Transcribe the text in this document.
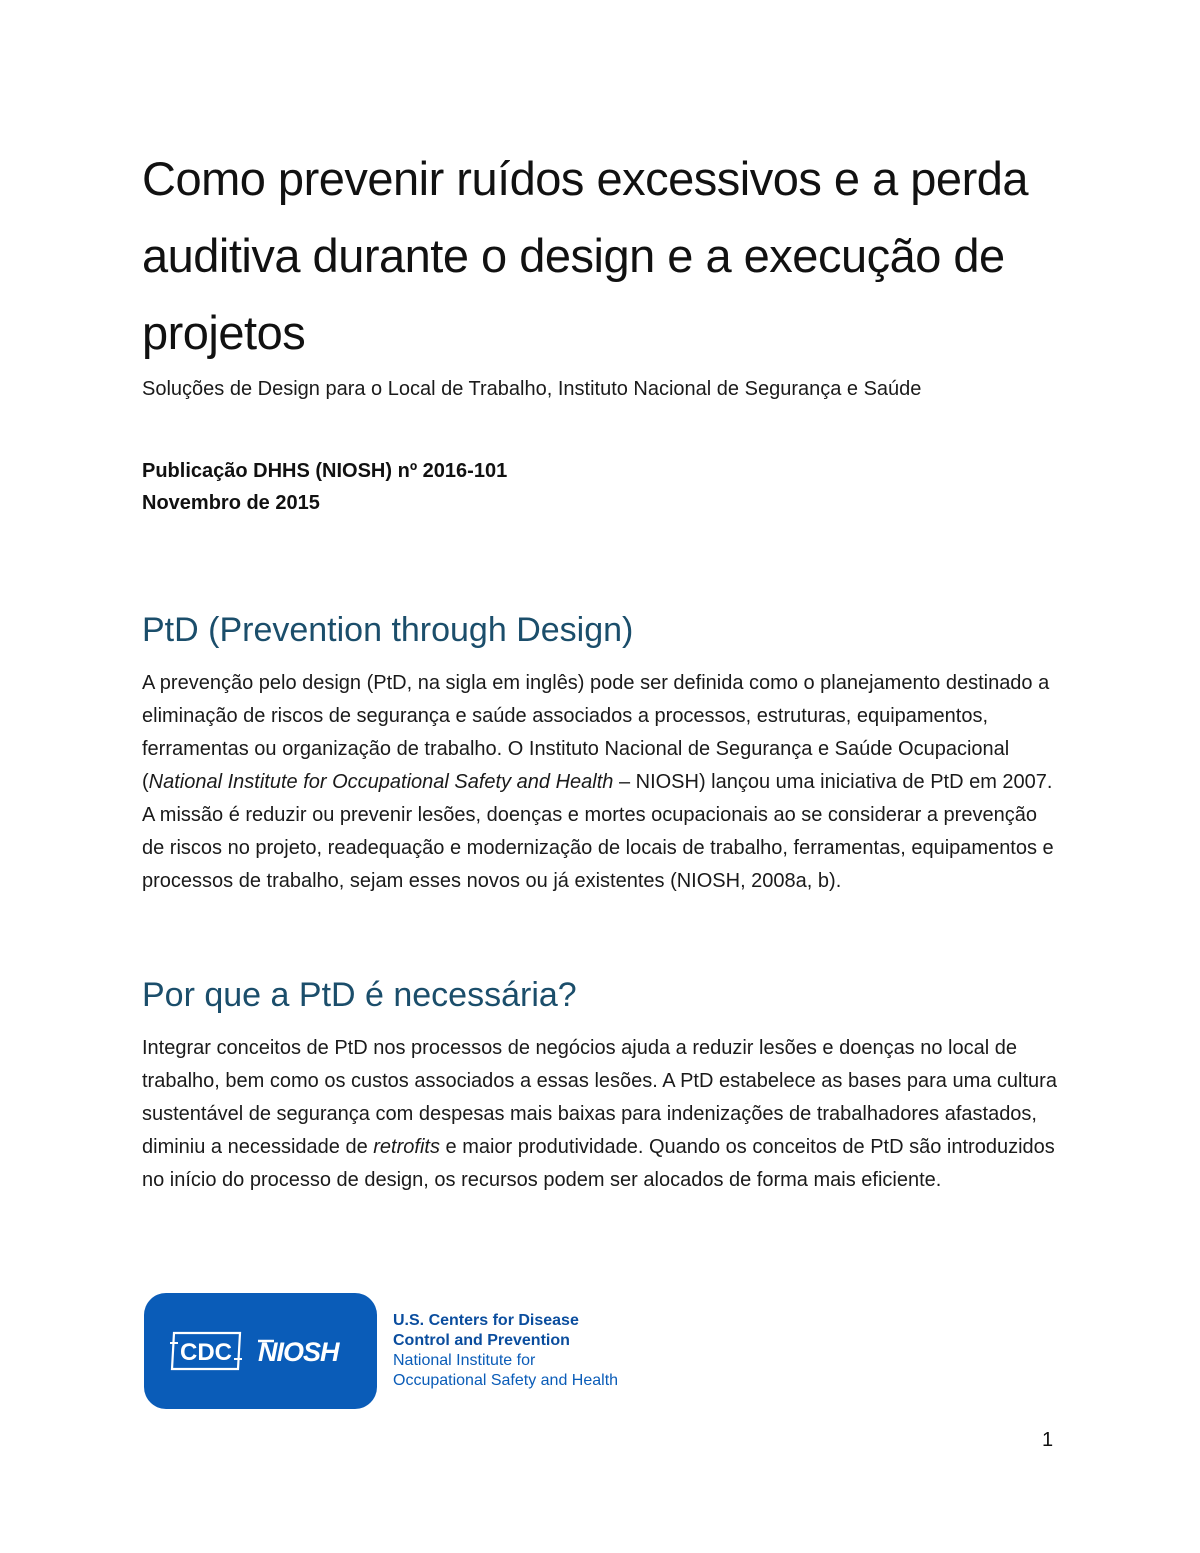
Como prevenir ruídos excessivos e a perda auditiva durante o design e a execução de projetos

Soluções de Design para o Local de Trabalho, Instituto Nacional de Segurança e Saúde

Publicação DHHS (NIOSH) nº 2016-101
Novembro de 2015

PtD (Prevention through Design)

A prevenção pelo design (PtD, na sigla em inglês) pode ser definida como o planejamento destinado a eliminação de riscos de segurança e saúde associados a processos, estruturas, equipamentos, ferramentas ou organização de trabalho. O Instituto Nacional de Segurança e Saúde Ocupacional (National Institute for Occupational Safety and Health – NIOSH) lançou uma iniciativa de PtD em 2007. A missão é reduzir ou prevenir lesões, doenças e mortes ocupacionais ao se considerar a prevenção de riscos no projeto, readequação e modernização de locais de trabalho, ferramentas, equipamentos e processos de trabalho, sejam esses novos ou já existentes (NIOSH, 2008a, b).

Por que a PtD é necessária?

Integrar conceitos de PtD nos processos de negócios ajuda a reduzir lesões e doenças no local de trabalho, bem como os custos associados a essas lesões. A PtD estabelece as bases para uma cultura sustentável de segurança com despesas mais baixas para indenizações de trabalhadores afastados, diminiu a necessidade de retrofits e maior produtividade. Quando os conceitos de PtD são introduzidos no início do processo de design, os recursos podem ser alocados de forma mais eficiente.

CDC NIOSH
U.S. Centers for Disease
Control and Prevention
National Institute for
Occupational Safety and Health
1
